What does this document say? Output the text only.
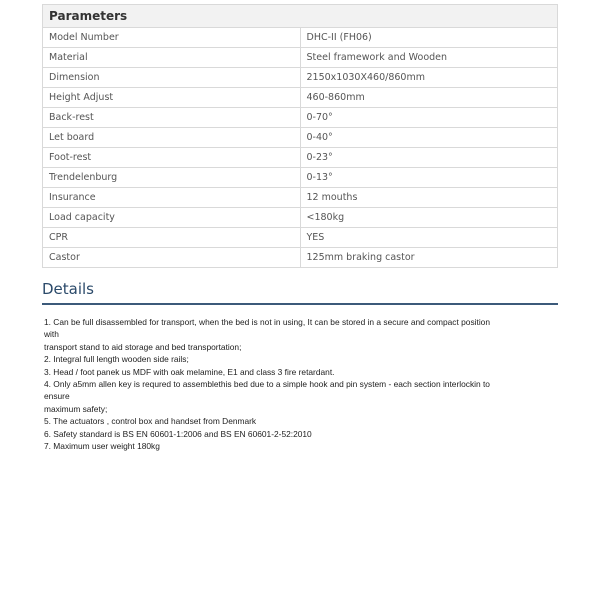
Parameters	
Model Number	DHC-II (FH06)
Material	Steel framework and Wooden
Dimension	2150x1030X460/860mm
Height Adjust	460-860mm
Back-rest	0-70°
Let board	0-40°
Foot-rest	0-23°
Trendelenburg	0-13°
Insurance	12 mouths
Load capacity	<180kg
CPR	YES
Castor	125mm braking castor
Details
1. Can be full disassembled for transport, when the bed is not in using, It can be stored in a secure and compact position
with
transport stand to aid storage and bed transportation;
2. Integral full length wooden side rails;
3. Head / foot panek us MDF with oak melamine, E1 and class 3 fire retardant.
4. Only a5mm allen key is requred to assemblethis bed due to a simple hook and pin system - each section interlockin to
ensure
maximum safety;
5. The actuators , control box and handset from Denmark
6. Safety standard is BS EN 60601-1:2006 and BS EN 60601-2-52:2010
7. Maximum user weight 180kg
